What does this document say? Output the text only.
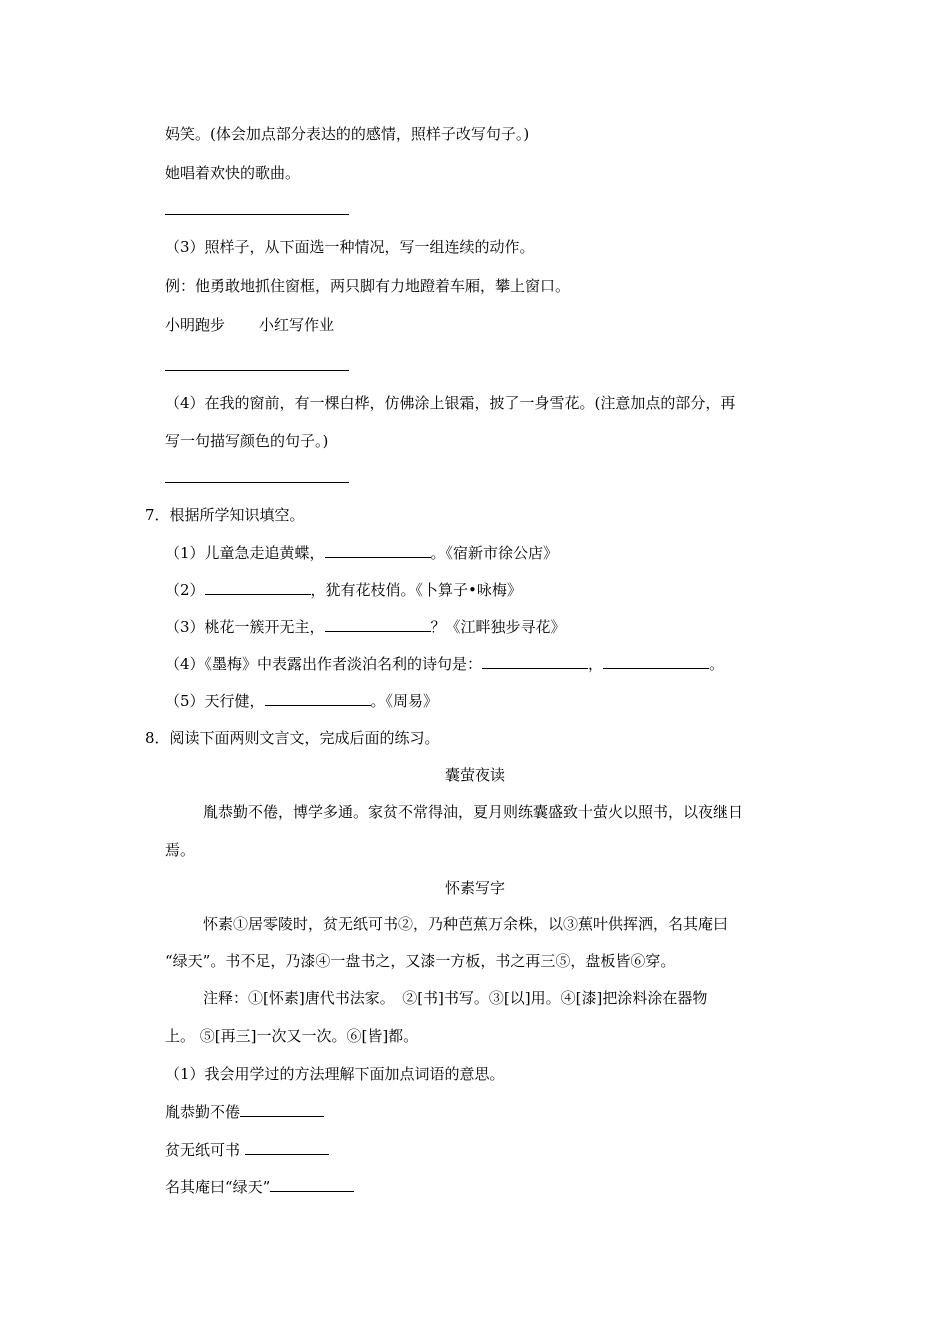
妈笑。(体会加点部分表达的的感情，照样子改写句子。)
她唱着欢快的歌曲。
（3）照样子，从下面选一种情况，写一组连续的动作。
例：他勇敢地抓住窗框，两只脚有力地蹬着车厢，攀上窗口。
小明跑步 小红写作业
（4）在我的窗前，有一棵白桦，仿佛涂上银霜，披了一身雪花。(注意加点的部分，再
写一句描写颜色的句子。)
7．根据所学知识填空。
（1）儿童急走追黄蝶，	。《宿新市徐公店》
（2）	，犹有花枝俏。《卜算子•咏梅》
（3）桃花一簇开无主，	？《江畔独步寻花》
（4）《墨梅》中表露出作者淡泊名利的诗句是：	，	。
（5）天行健，	。《周易》
8．阅读下面两则文言文，完成后面的练习。
囊萤夜读
胤恭勤不倦，博学多通。家贫不常得油，夏月则练囊盛致十萤火以照书，以夜继日
焉。
怀素写字
怀素①居零陵时，贫无纸可书②，乃种芭蕉万余株，以③蕉叶供挥洒，名其庵曰
“绿天”。书不足，乃漆④一盘书之，又漆一方板，书之再三⑤，盘板皆⑥穿。
注释：①[怀素]唐代书法家。　②[书]书写。③[以]用。④[漆]把涂料涂在器物
上。 ⑤[再三]一次又一次。⑥[皆]都。
（1）我会用学过的方法理解下面加点词语的意思。
胤恭勤不倦
贫无纸可书
名其庵曰“绿天”
